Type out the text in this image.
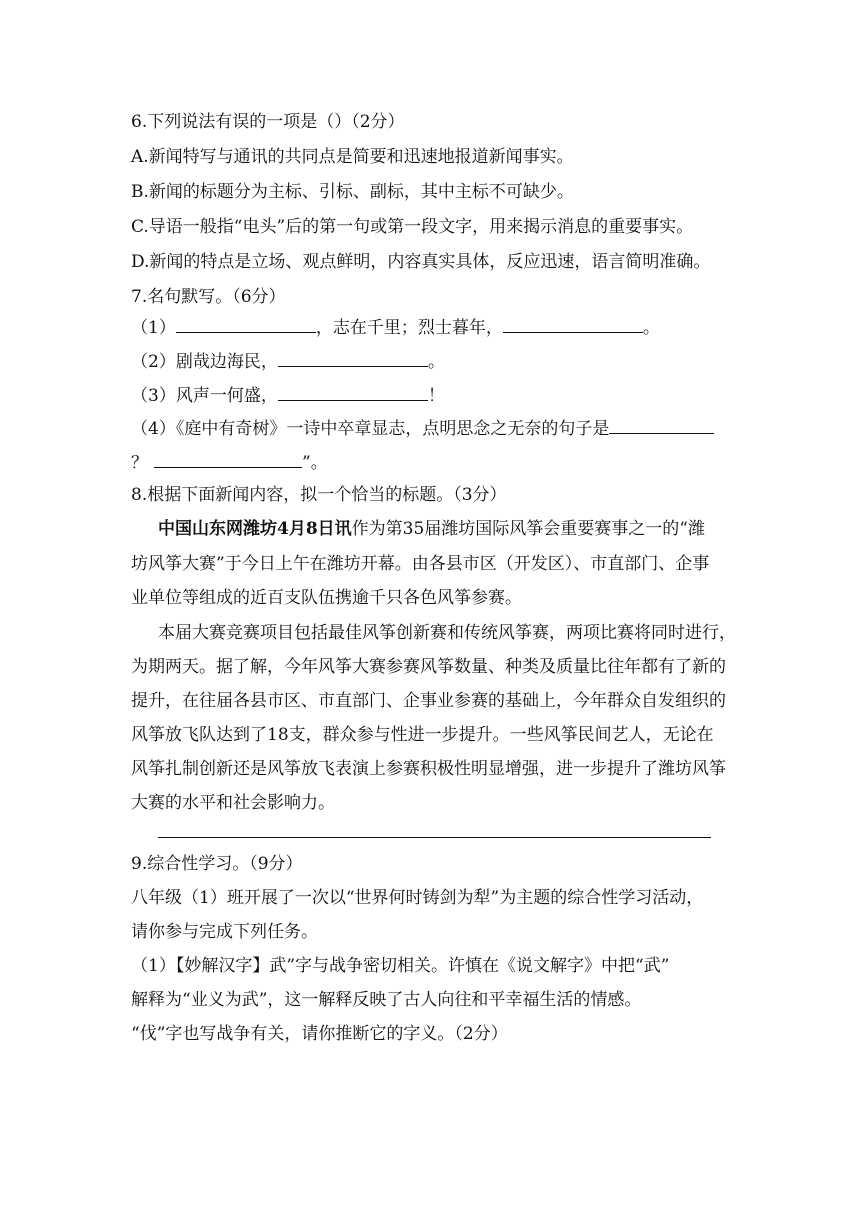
6.下列说法有误的一项是（）（2分）
A.新闻特写与通讯的共同点是简要和迅速地报道新闻事实。
B.新闻的标题分为主标、引标、副标，其中主标不可缺少。
C.导语一般指“电头”后的第一句或第一段文字，用来揭示消息的重要事实。
D.新闻的特点是立场、观点鲜明，内容真实具体，反应迅速，语言简明准确。
7.名句默写。（6分）
（1）	，志在千里；烈士暮年，	。
（2）剧哉边海民，	。
（3）风声一何盛，	！
（4）《庭中有奇树》一诗中卒章显志，点明思念之无奈的句子是
？	”。
8.根据下面新闻内容，拟一个恰当的标题。（3分）
中国山东网潍坊4月8日讯作为第35届潍坊国际风筝会重要赛事之一的“潍
坊风筝大赛”于今日上午在潍坊开幕。由各县市区（开发区）、市直部门、企事
业单位等组成的近百支队伍携逾千只各色风筝参赛。
本届大赛竞赛项目包括最佳风筝创新赛和传统风筝赛，两项比赛将同时进行，
为期两天。据了解，今年风筝大赛参赛风筝数量、种类及质量比往年都有了新的
提升，在往届各县市区、市直部门、企事业参赛的基础上，今年群众自发组织的
风筝放飞队达到了18支，群众参与性进一步提升。一些风筝民间艺人，无论在
风筝扎制创新还是风筝放飞表演上参赛积极性明显增强，进一步提升了潍坊风筝
大赛的水平和社会影响力。
9.综合性学习。（9分）
八年级（1）班开展了一次以“世界何时铸剑为犁”为主题的综合性学习活动，
请你参与完成下列任务。
（1）【妙解汉字】武”字与战争密切相关。许慎在《说文解字》中把“武”
解释为“业义为武”，这一解释反映了古人向往和平幸福生活的情感。
“伐”字也写战争有关，请你推断它的字义。（2分）
